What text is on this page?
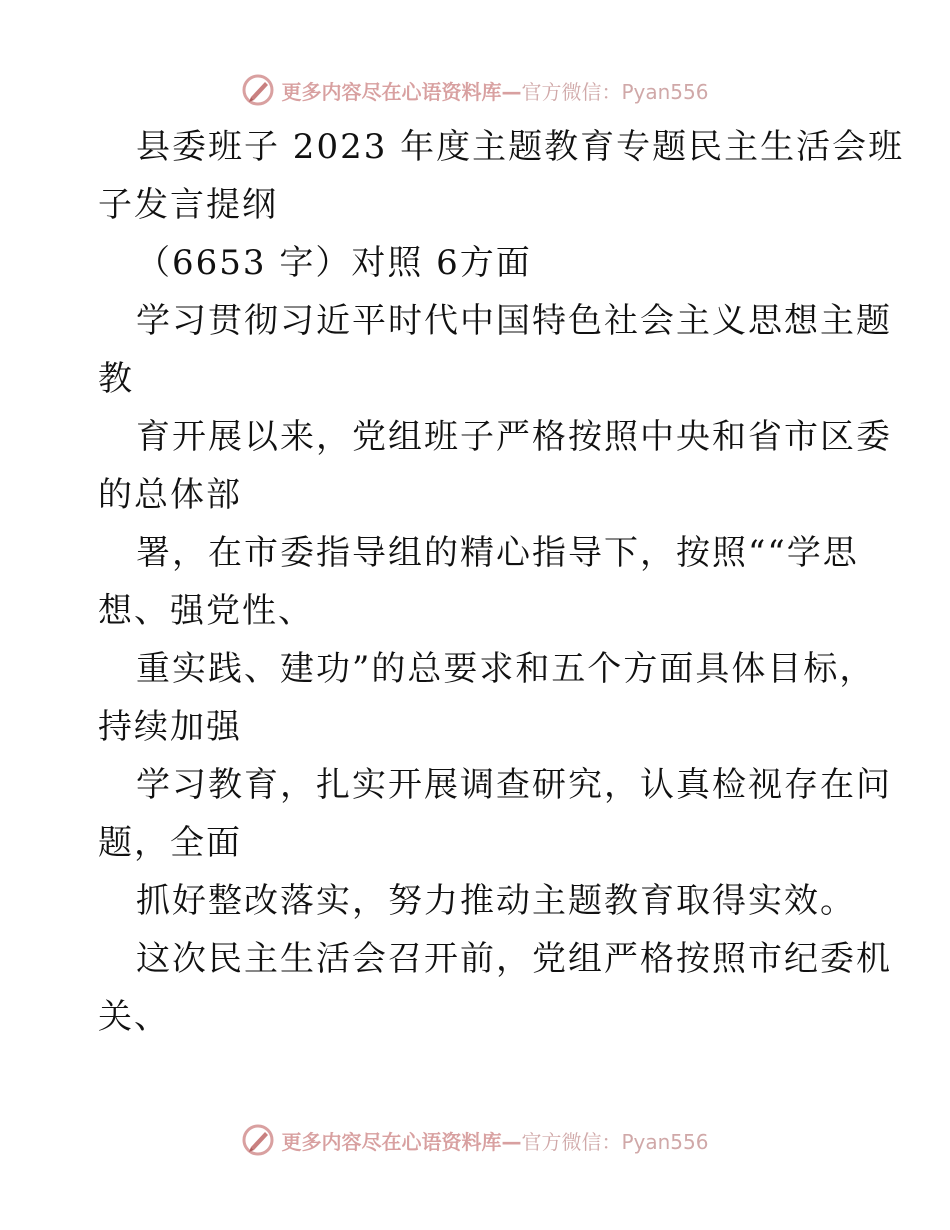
更多内容尽在心语资料库—官方微信：Pyan556
县委班子 2023 年度主题教育专题民主生活会班
子发言提纲
（6653 字）对照 6方面
学习贯彻习近平时代中国特色社会主义思想主题
教
育开展以来，党组班子严格按照中央和省市区委
的总体部
署，在市委指导组的精心指导下，按照““学思
想、强党性、
重实践、建功”的总要求和五个方面具体目标，
持续加强
学习教育，扎实开展调查研究，认真检视存在问
题，全面
抓好整改落实，努力推动主题教育取得实效。
这次民主生活会召开前，党组严格按照市纪委机
关、
更多内容尽在心语资料库—官方微信：Pyan556
